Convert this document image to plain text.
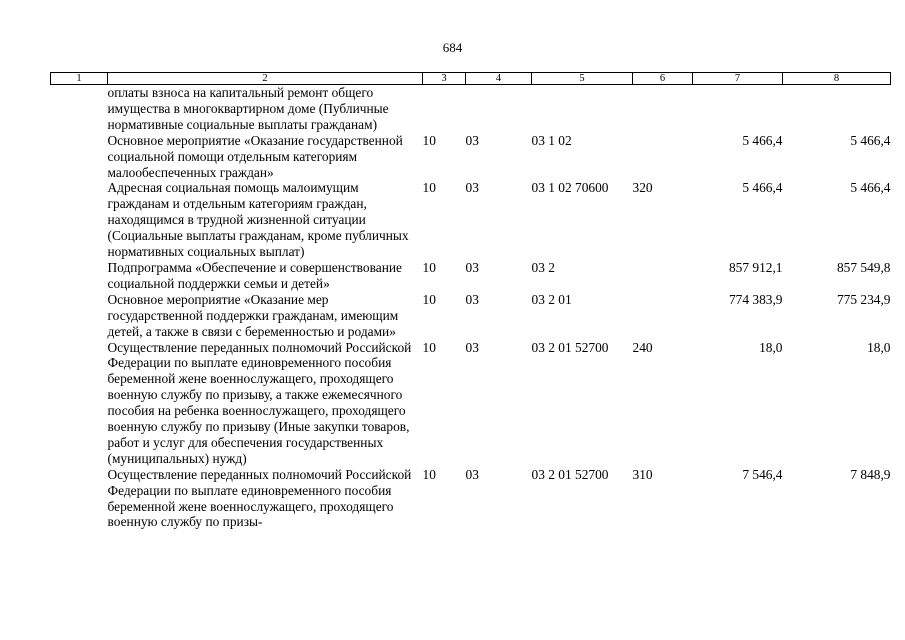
684
1	2	3	4	5	6	7	8
	оплаты взноса на капитальный ремонт общего имущества в многоквартирном доме (Публичные нормативные социальные выплаты гражданам)						
	Основное мероприятие «Оказание государственной социальной помощи отдельным категориям малообеспеченных граждан»	10	03	03 1 02		5 466,4	5 466,4
	Адресная социальная помощь малоимущим гражданам и отдельным категориям граждан, находящимся в трудной жизненной ситуации (Социальные выплаты гражданам, кроме публичных нормативных социальных выплат)	10	03	03 1 02 70600	320	5 466,4	5 466,4
	Подпрограмма «Обеспечение и совершенствование социальной поддержки семьи и детей»	10	03	03 2		857 912,1	857 549,8
	Основное мероприятие «Оказание мер государственной поддержки гражданам, имеющим детей, а также в связи с беременностью и родами»	10	03	03 2 01		774 383,9	775 234,9
	Осуществление переданных полномочий Российской Федерации по выплате единовременного пособия беременной жене военнослужащего, проходящего военную службу по призыву, а также ежемесячного пособия на ребенка военнослужащего, проходящего военную службу по призыву (Иные закупки товаров, работ и услуг для обеспечения государственных (муниципальных) нужд)	10	03	03 2 01 52700	240	18,0	18,0
	Осуществление переданных полномочий Российской Федерации по выплате единовременного пособия беременной жене военнослужащего, проходящего военную службу по призы-	10	03	03 2 01 52700	310	7 546,4	7 848,9
